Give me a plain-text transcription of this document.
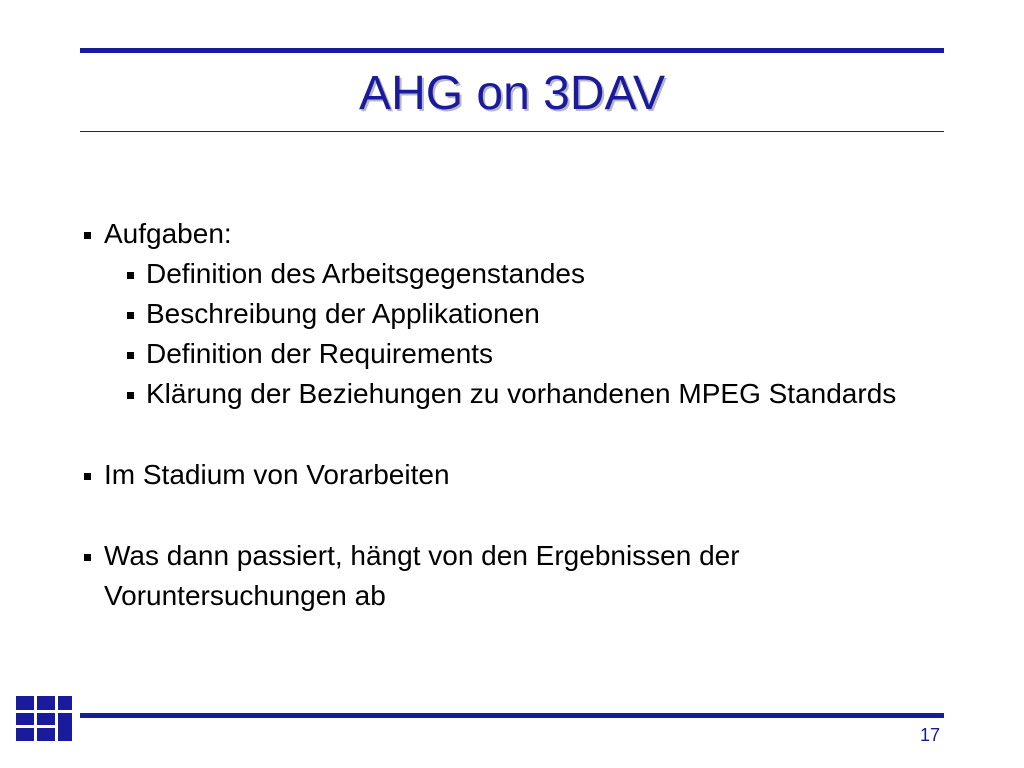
AHG on 3DAV
Aufgaben:
Definition des Arbeitsgegenstandes
Beschreibung der Applikationen
Definition der Requirements
Klärung der Beziehungen zu vorhandenen MPEG Standards
Im Stadium von Vorarbeiten
Was dann passiert, hängt von den Ergebnissen der Voruntersuchungen ab
17
